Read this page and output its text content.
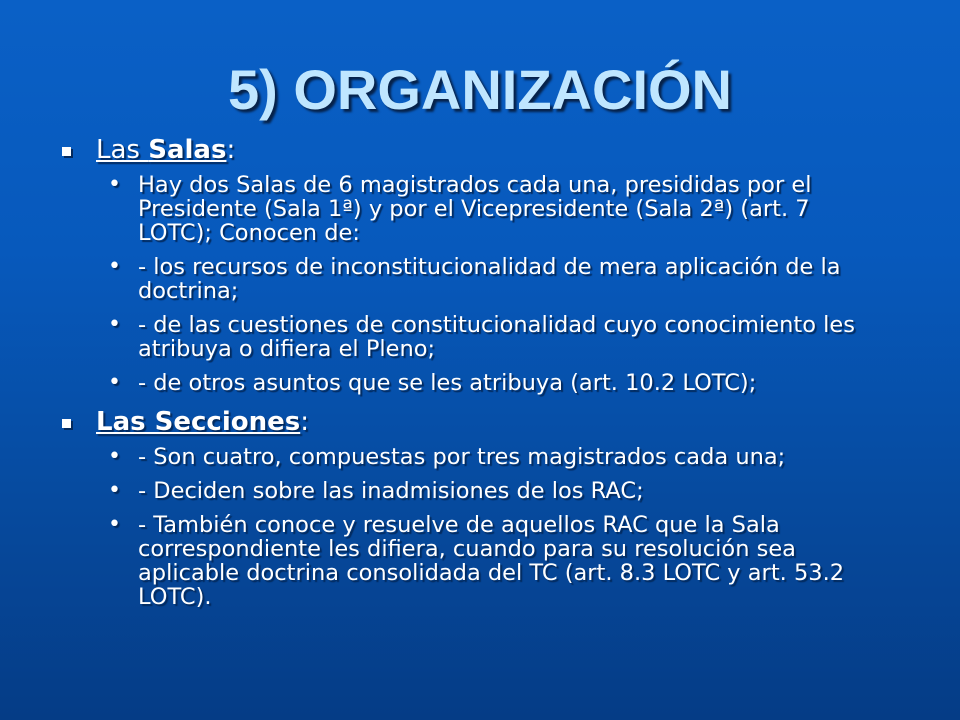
5) ORGANIZACIÓN
Las Salas:
• Hay dos Salas de 6 magistrados cada una, presididas por el Presidente (Sala 1ª) y por el Vicepresidente (Sala 2ª) (art. 7 LOTC); Conocen de:
• - los recursos de inconstitucionalidad de mera aplicación de la doctrina;
• - de las cuestiones de constitucionalidad cuyo conocimiento les atribuya o difiera el Pleno;
• - de otros asuntos que se les atribuya (art. 10.2 LOTC);
Las Secciones:
• - Son cuatro, compuestas por tres magistrados cada una;
• - Deciden sobre las inadmisiones de los RAC;
• - También conoce y resuelve de aquellos RAC que la Sala correspondiente les difiera, cuando para su resolución sea aplicable doctrina consolidada del TC (art. 8.3 LOTC y art. 53.2 LOTC).
